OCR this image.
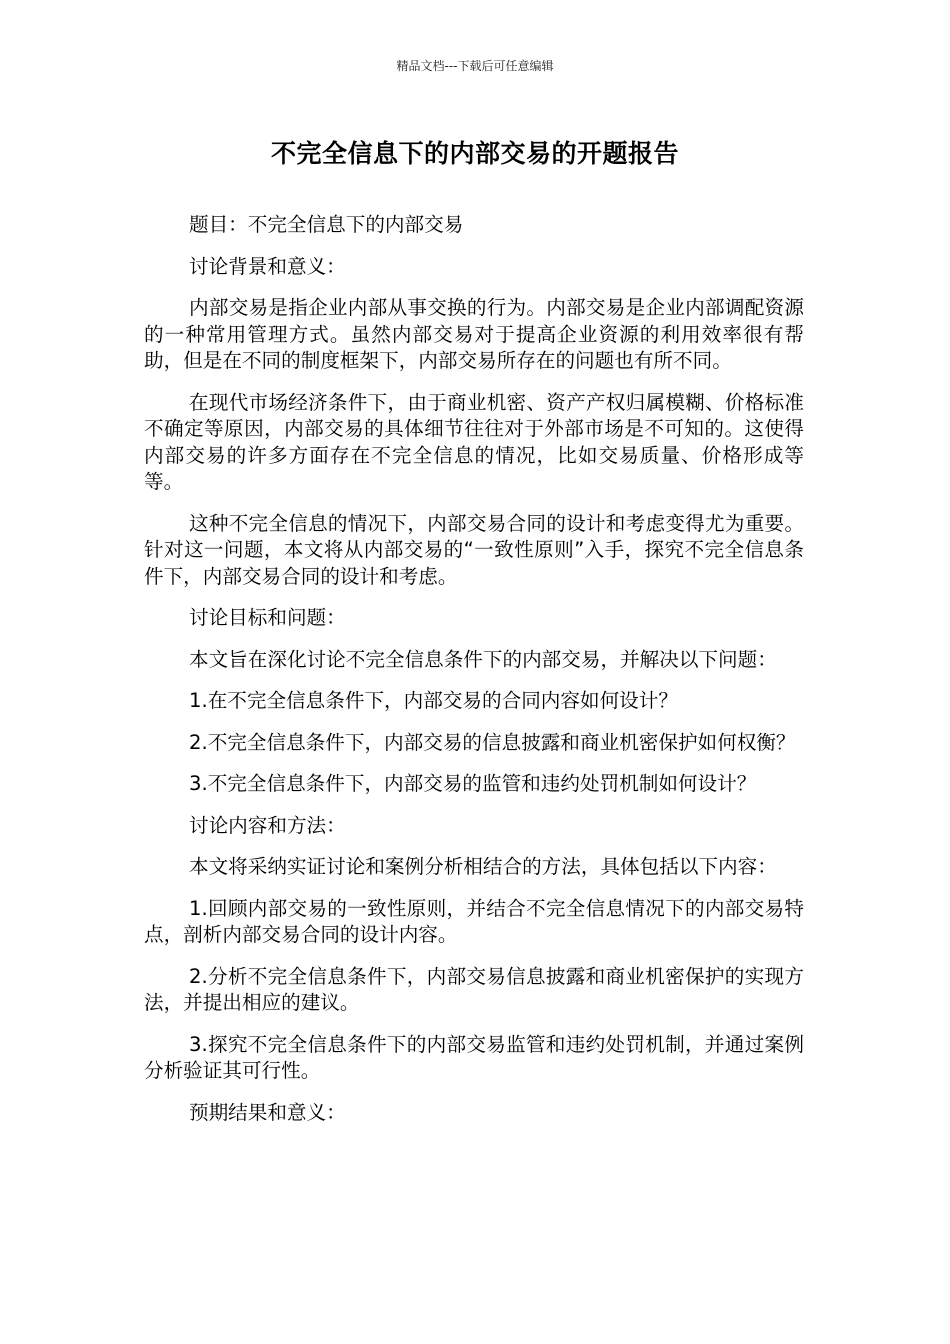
精品文档---下载后可任意编辑
不完全信息下的内部交易的开题报告

题目：不完全信息下的内部交易

讨论背景和意义：

内部交易是指企业内部从事交换的行为。内部交易是企业内部调配资源的一种常用管理方式。虽然内部交易对于提高企业资源的利用效率很有帮助，但是在不同的制度框架下，内部交易所存在的问题也有所不同。

在现代市场经济条件下，由于商业机密、资产产权归属模糊、价格标准不确定等原因，内部交易的具体细节往往对于外部市场是不可知的。这使得内部交易的许多方面存在不完全信息的情况，比如交易质量、价格形成等等。

这种不完全信息的情况下，内部交易合同的设计和考虑变得尤为重要。针对这一问题，本文将从内部交易的“一致性原则”入手，探究不完全信息条件下，内部交易合同的设计和考虑。

讨论目标和问题：

本文旨在深化讨论不完全信息条件下的内部交易，并解决以下问题：

1.在不完全信息条件下，内部交易的合同内容如何设计？

2.不完全信息条件下，内部交易的信息披露和商业机密保护如何权衡？

3.不完全信息条件下，内部交易的监管和违约处罚机制如何设计？

讨论内容和方法：

本文将采纳实证讨论和案例分析相结合的方法，具体包括以下内容：

1.回顾内部交易的一致性原则，并结合不完全信息情况下的内部交易特点，剖析内部交易合同的设计内容。

2.分析不完全信息条件下，内部交易信息披露和商业机密保护的实现方法，并提出相应的建议。

3.探究不完全信息条件下的内部交易监管和违约处罚机制，并通过案例分析验证其可行性。

预期结果和意义：
